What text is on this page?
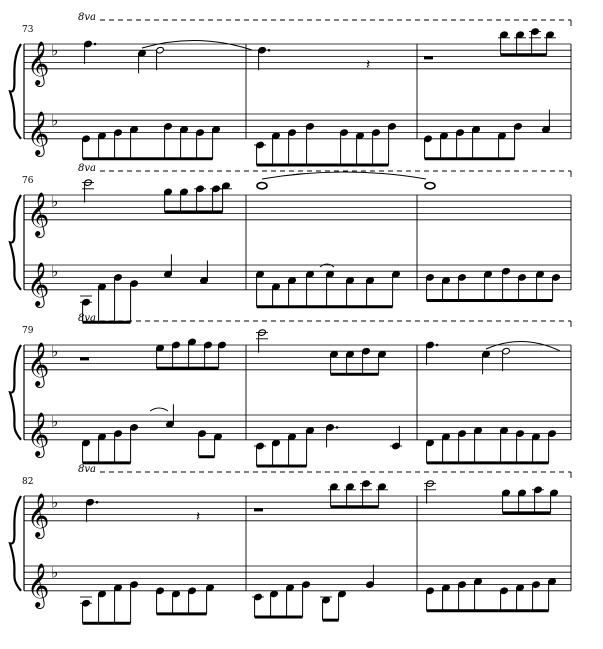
𝄞 ♭
𝄞 ♭
73
8va
𝄞 ♭
𝄞 ♭
76
8va
𝄞 ♭
𝄞 ♭
79
8va
𝄞 ♭
𝄞 ♭
82
8va
𝄽
𝄽
